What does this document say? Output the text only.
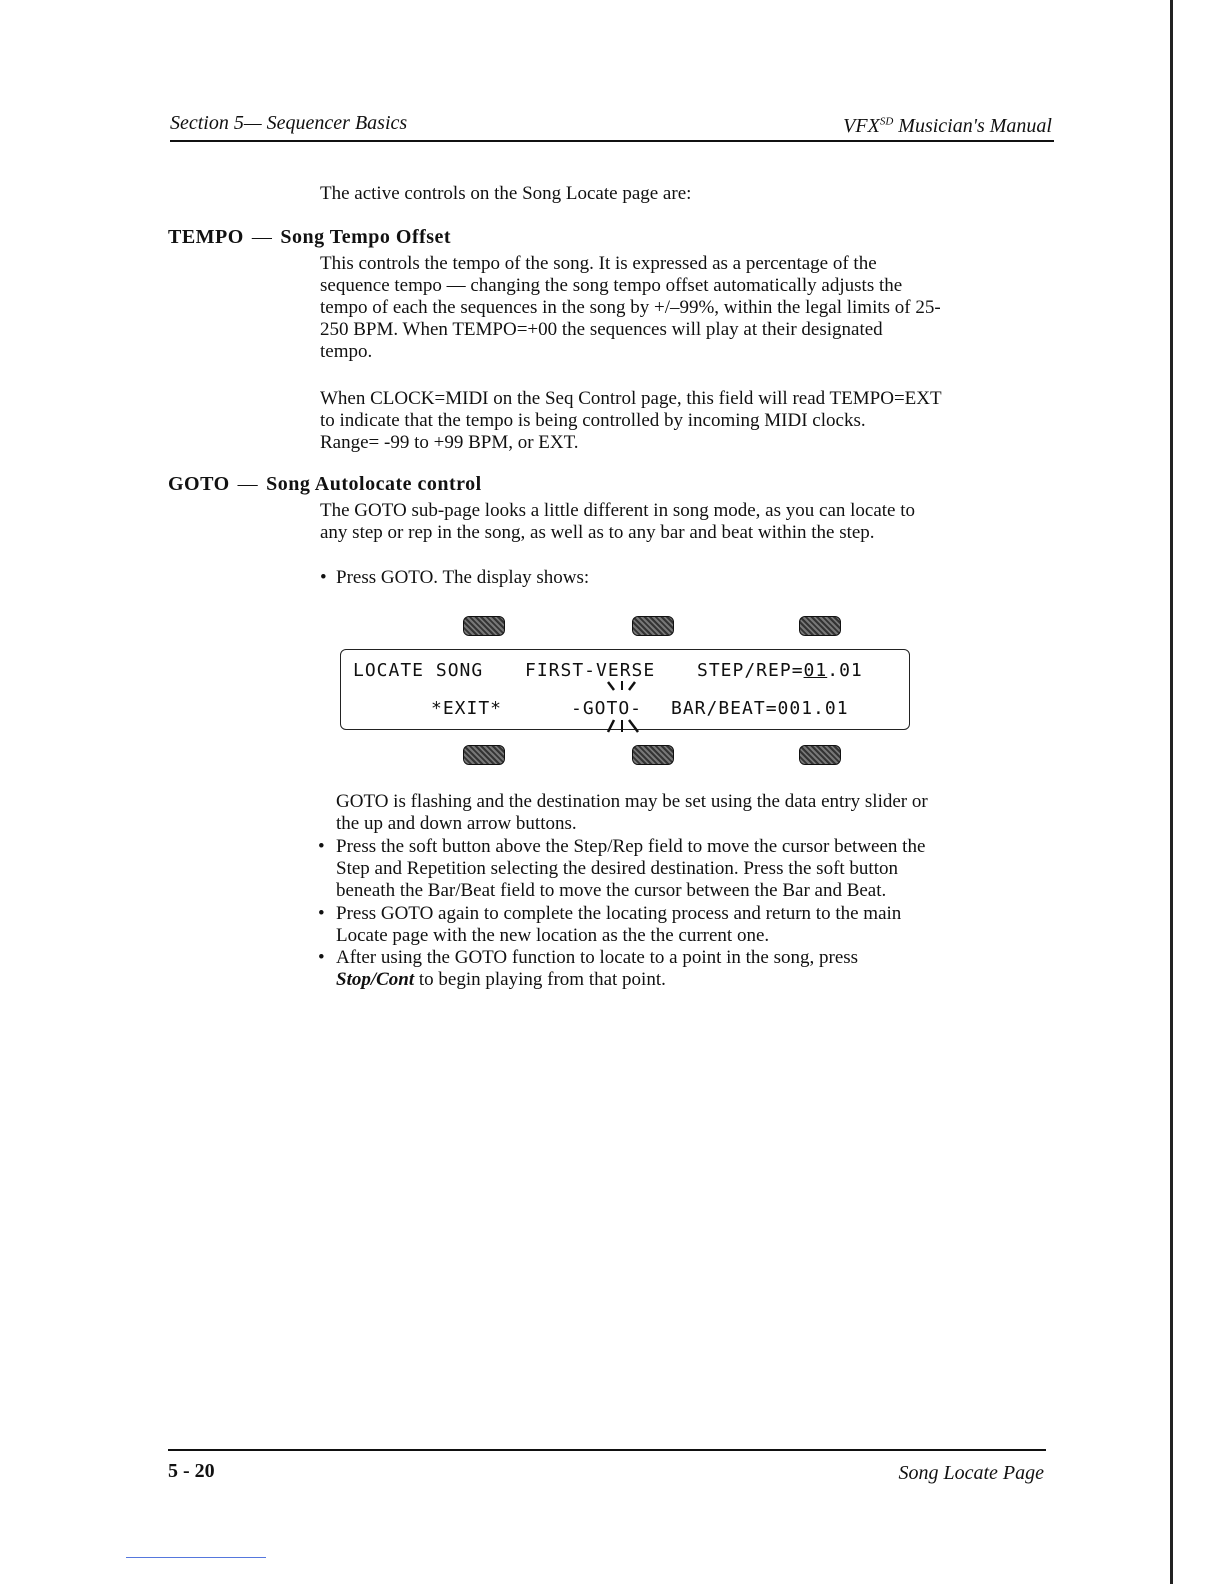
Section 5— Sequencer Basics	$VFX^{SD}$ Musician's Manual
The active controls on the Song Locate page are:
TEMPO — Song Tempo Offset
This controls the tempo of the song. It is expressed as a percentage of the
sequence tempo — changing the song tempo offset automatically adjusts the
tempo of each the sequences in the song by +/–99%, within the legal limits of 25-
250 BPM. When TEMPO=+00 the sequences will play at their designated
tempo.
When CLOCK=MIDI on the Seq Control page, this field will read TEMPO=EXT
to indicate that the tempo is being controlled by incoming MIDI clocks.
Range= -99 to +99 BPM, or EXT.
GOTO — Song Autolocate control
The GOTO sub-page looks a little different in song mode, as you can locate to
any step or rep in the song, as well as to any bar and beat within the step.
• Press GOTO. The display shows:
LOCATE SONG FIRST-VERSE STEP/REP=01.01
*EXIT*	-GOTO- BAR/BEAT=001.01
GOTO is flashing and the destination may be set using the data entry slider or
the up and down arrow buttons.
• Press the soft button above the Step/Rep field to move the cursor between the
Step and Repetition selecting the desired destination. Press the soft button
beneath the Bar/Beat field to move the cursor between the Bar and Beat.
• Press GOTO again to complete the locating process and return to the main
Locate page with the new location as the the current one.
• After using the GOTO function to locate to a point in the song, press
Stop/Cont to begin playing from that point.
5 - 20	Song Locate Page
